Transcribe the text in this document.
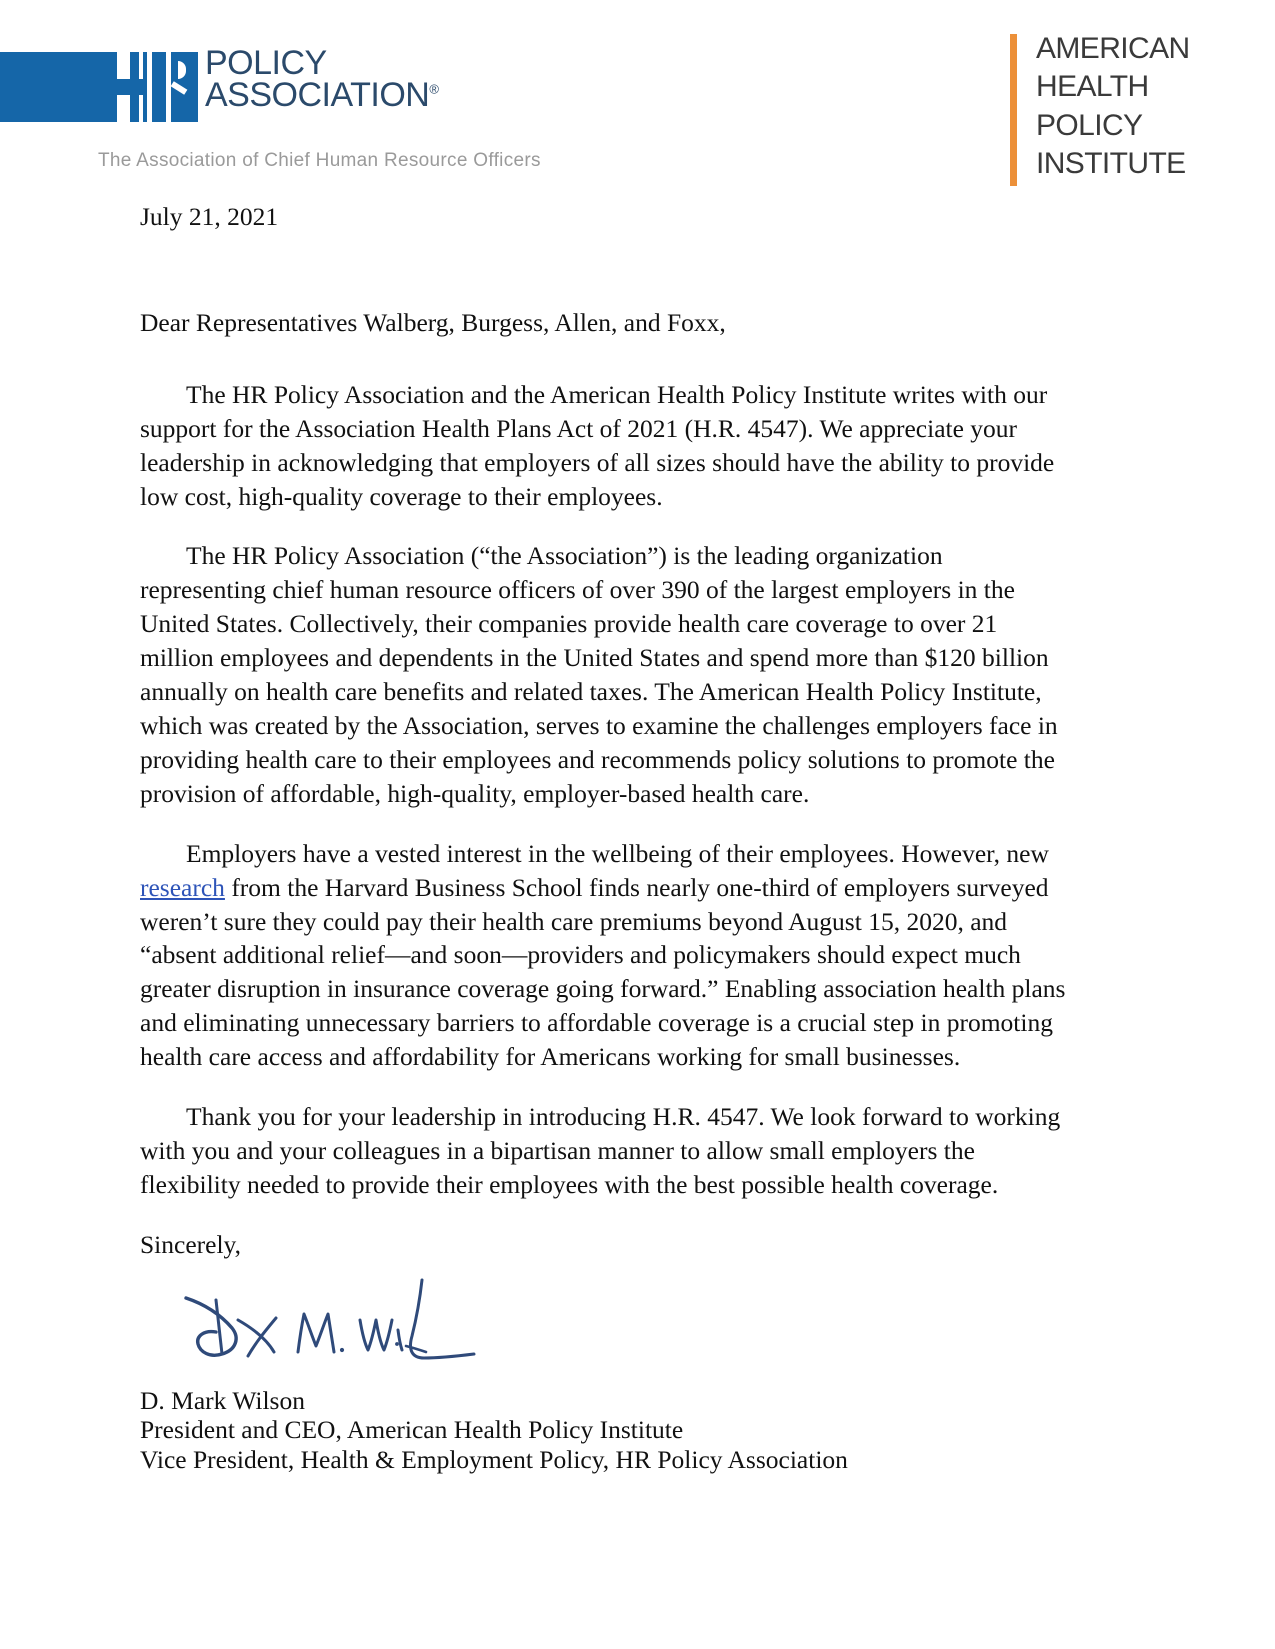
POLICY
ASSOCIATION®
The Association of Chief Human Resource Officers
AMERICAN
HEALTH
POLICY
INSTITUTE
July 21, 2021
Dear Representatives Walberg, Burgess, Allen, and Foxx,

The HR Policy Association and the American Health Policy Institute writes with our support for the Association Health Plans Act of 2021 (H.R. 4547). We appreciate your leadership in acknowledging that employers of all sizes should have the ability to provide low cost, high-quality coverage to their employees.

The HR Policy Association (“the Association”) is the leading organization representing chief human resource officers of over 390 of the largest employers in the United States. Collectively, their companies provide health care coverage to over 21 million employees and dependents in the United States and spend more than $120 billion annually on health care benefits and related taxes. The American Health Policy Institute, which was created by the Association, serves to examine the challenges employers face in providing health care to their employees and recommends policy solutions to promote the provision of affordable, high-quality, employer-based health care.

Employers have a vested interest in the wellbeing of their employees. However, new research from the Harvard Business School finds nearly one-third of employers surveyed weren’t sure they could pay their health care premiums beyond August 15, 2020, and “absent additional relief—and soon—providers and policymakers should expect much greater disruption in insurance coverage going forward.” Enabling association health plans and eliminating unnecessary barriers to affordable coverage is a crucial step in promoting health care access and affordability for Americans working for small businesses.

Thank you for your leadership in introducing H.R. 4547. We look forward to working with you and your colleagues in a bipartisan manner to allow small employers the flexibility needed to provide their employees with the best possible health coverage.

Sincerely,
D. Mark Wilson
President and CEO, American Health Policy Institute
Vice President, Health & Employment Policy, HR Policy Association
